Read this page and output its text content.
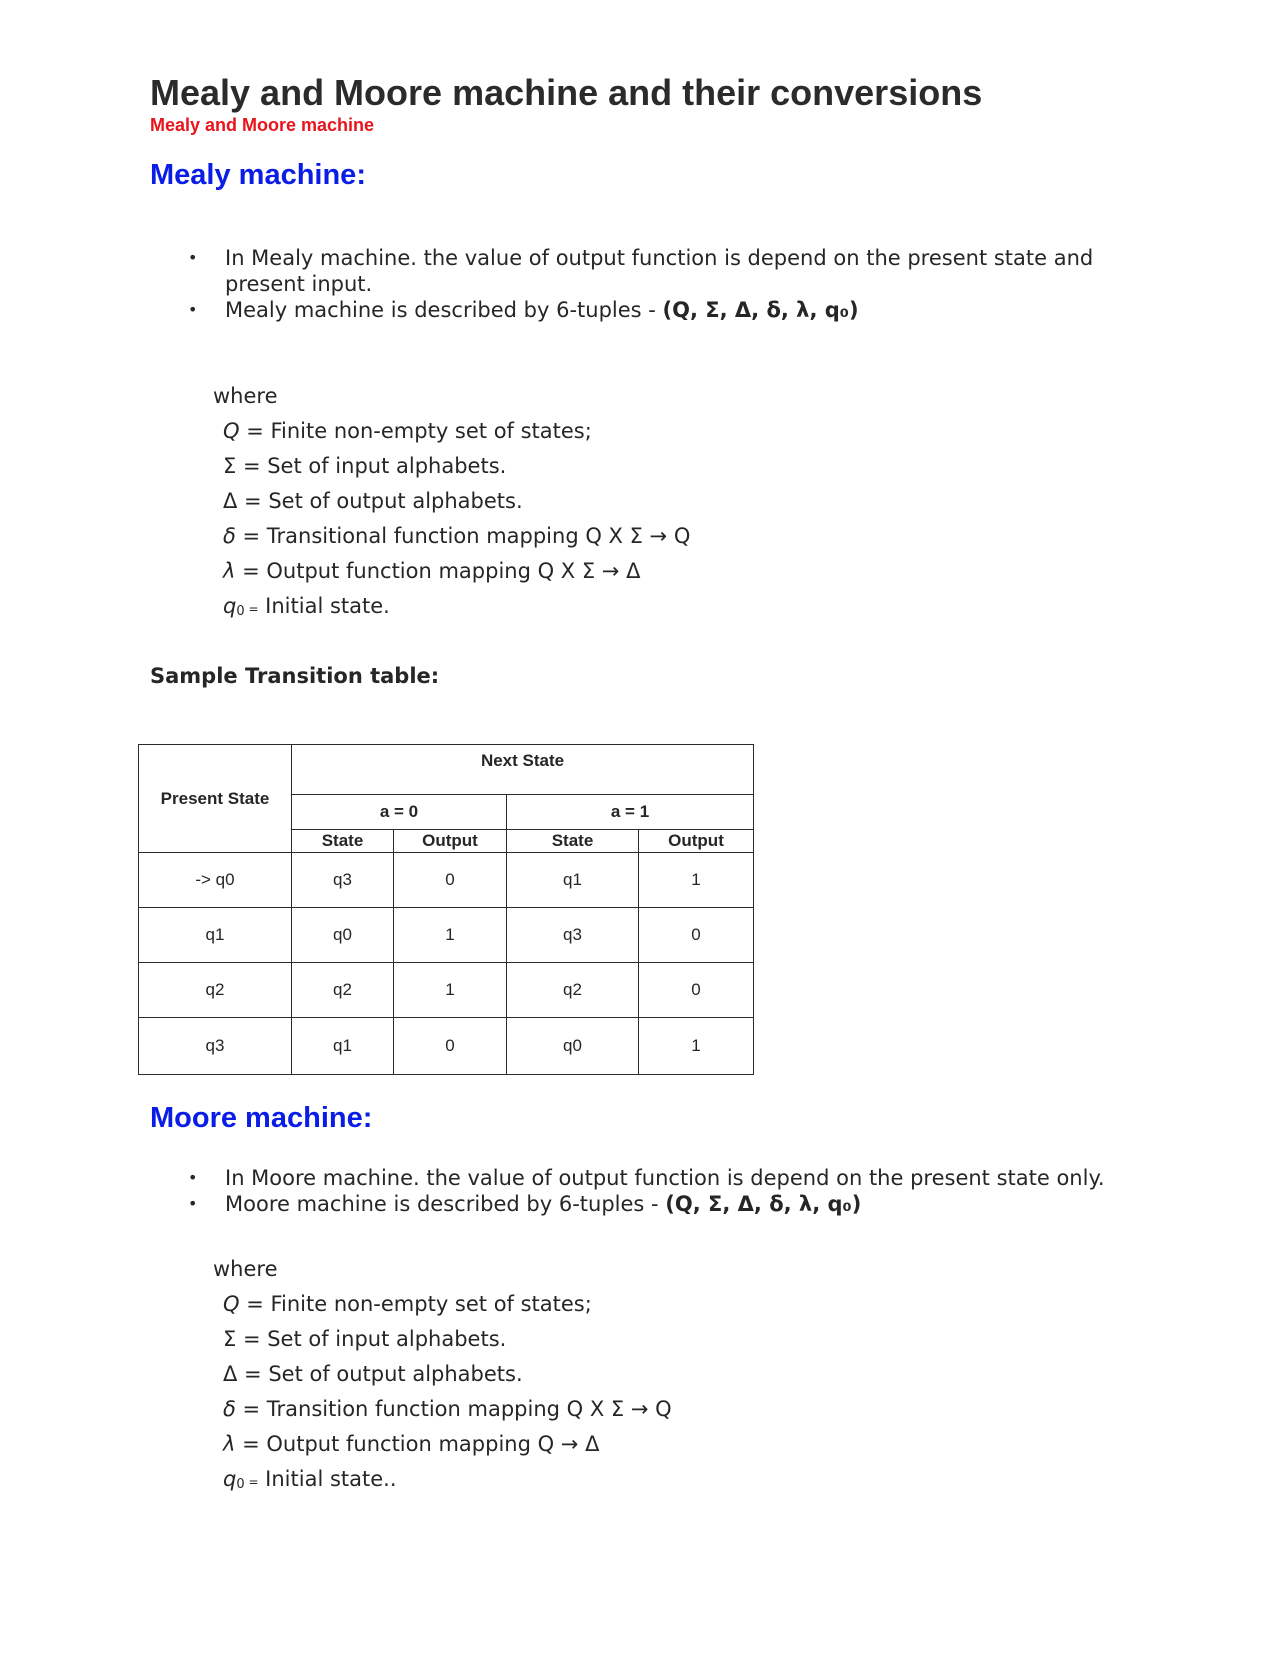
Mealy and Moore machine and their conversions
Mealy and Moore machine
Mealy machine:
• In Mealy machine. the value of output function is depend on the present state and present input.
• Mealy machine is described by 6-tuples - (Q, Σ, Δ, δ, λ, q₀)
where
Q = Finite non-empty set of states;
Σ = Set of input alphabets.
Δ = Set of output alphabets.
δ = Transitional function mapping Q X Σ → Q
λ = Output function mapping Q X Σ → Δ
q0 = Initial state.
Sample Transition table:
Present State	Next State			
	a = 0		a = 1	
	State	Output	State	Output
-> q0	q3	0	q1	1
q1	q0	1	q3	0
q2	q2	1	q2	0
q3	q1	0	q0	1
Moore machine:
• In Moore machine. the value of output function is depend on the present state only.
• Moore machine is described by 6-tuples - (Q, Σ, Δ, δ, λ, q₀)
where
Q = Finite non-empty set of states;
Σ = Set of input alphabets.
Δ = Set of output alphabets.
δ = Transition function mapping Q X Σ → Q
λ = Output function mapping Q → Δ
q0 = Initial state..
